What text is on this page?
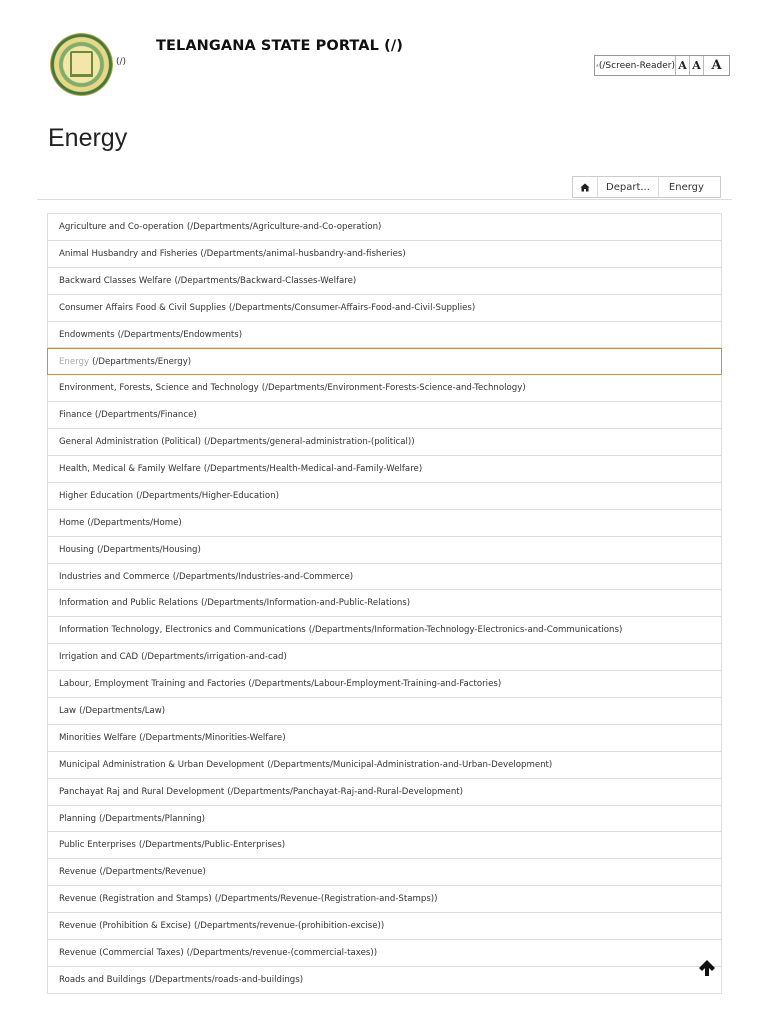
(/)
TELANGANA STATE PORTAL (/)
(/Screen-Reader) A A A
Energy
Depart...	Energy
Agriculture and Co-operation (/Departments/Agriculture-and-Co-operation)
Animal Husbandry and Fisheries (/Departments/animal-husbandry-and-fisheries)
Backward Classes Welfare (/Departments/Backward-Classes-Welfare)
Consumer Affairs Food & Civil Supplies (/Departments/Consumer-Affairs-Food-and-Civil-Supplies)
Endowments (/Departments/Endowments)
Energy (/Departments/Energy)
Environment, Forests, Science and Technology (/Departments/Environment-Forests-Science-and-Technology)
Finance (/Departments/Finance)
General Administration (Political) (/Departments/general-administration-(political))
Health, Medical & Family Welfare (/Departments/Health-Medical-and-Family-Welfare)
Higher Education (/Departments/Higher-Education)
Home (/Departments/Home)
Housing (/Departments/Housing)
Industries and Commerce (/Departments/Industries-and-Commerce)
Information and Public Relations (/Departments/Information-and-Public-Relations)
Information Technology, Electronics and Communications (/Departments/Information-Technology-Electronics-and-Communications)
Irrigation and CAD (/Departments/irrigation-and-cad)
Labour, Employment Training and Factories (/Departments/Labour-Employment-Training-and-Factories)
Law (/Departments/Law)
Minorities Welfare (/Departments/Minorities-Welfare)
Municipal Administration & Urban Development (/Departments/Municipal-Administration-and-Urban-Development)
Panchayat Raj and Rural Development (/Departments/Panchayat-Raj-and-Rural-Development)
Planning (/Departments/Planning)
Public Enterprises (/Departments/Public-Enterprises)
Revenue (/Departments/Revenue)
Revenue (Registration and Stamps) (/Departments/Revenue-(Registration-and-Stamps))
Revenue (Prohibition & Excise) (/Departments/revenue-(prohibition-excise))
Revenue (Commercial Taxes) (/Departments/revenue-(commercial-taxes))
Roads and Buildings (/Departments/roads-and-buildings)
